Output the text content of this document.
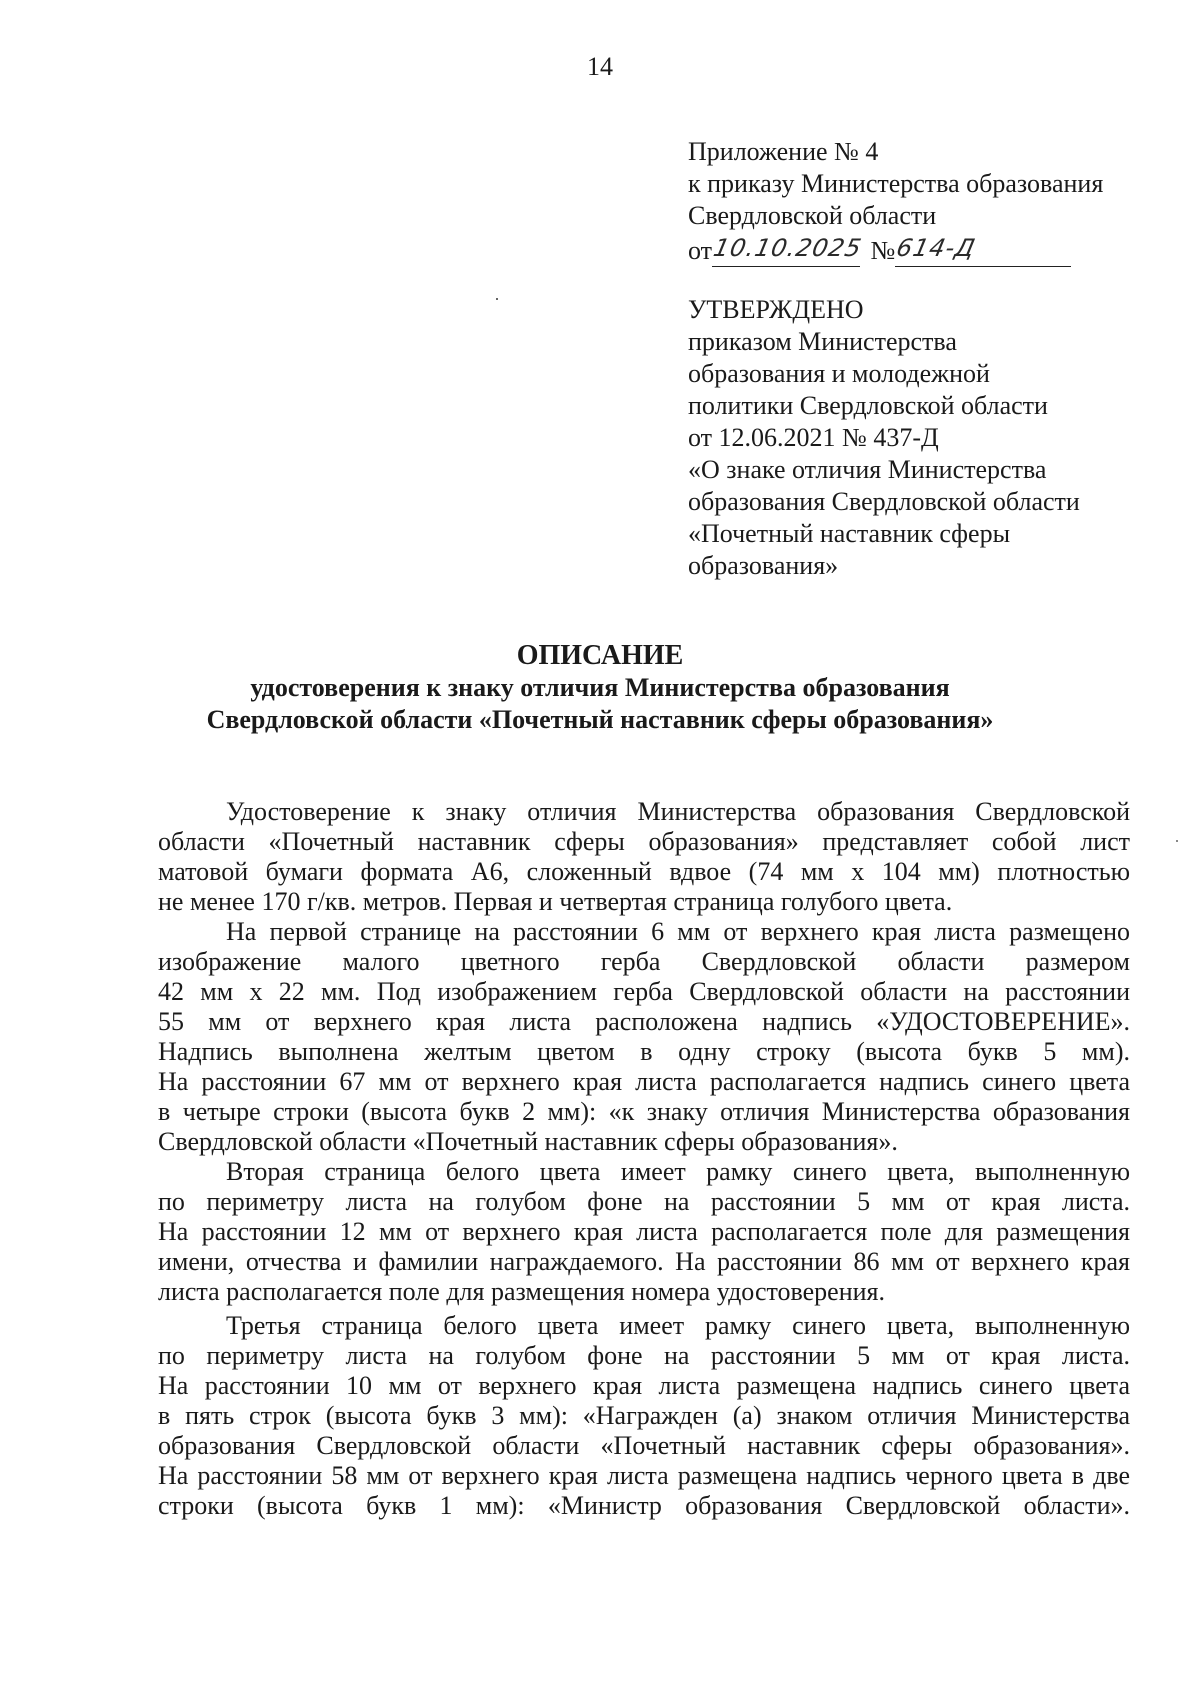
14
Приложение № 4
к приказу Министерства образования
Свердловской области
от 10.10.2025 № 614-Д
УТВЕРЖДЕНО
приказом Министерства
образования и молодежной
политики Свердловской области
от 12.06.2021 № 437-Д
«О знаке отличия Министерства
образования Свердловской области
«Почетный наставник сферы
образования»
ОПИСАНИЕ
удостоверения к знаку отличия Министерства образования
Свердловской области «Почетный наставник сферы образования»
Удостоверение к знаку отличия Министерства образования Свердловской
области «Почетный наставник сферы образования» представляет собой лист
матовой бумаги формата А6, сложенный вдвое (74 мм х 104 мм) плотностью
не менее 170 г/кв. метров. Первая и четвертая страница голубого цвета.
На первой странице на расстоянии 6 мм от верхнего края листа размещено
изображение малого цветного герба Свердловской области размером
42 мм х 22 мм. Под изображением герба Свердловской области на расстоянии
55 мм от верхнего края листа расположена надпись «УДОСТОВЕРЕНИЕ».
Надпись выполнена желтым цветом в одну строку (высота букв 5 мм).
На расстоянии 67 мм от верхнего края листа располагается надпись синего цвета
в четыре строки (высота букв 2 мм): «к знаку отличия Министерства образования
Свердловской области «Почетный наставник сферы образования».
Вторая страница белого цвета имеет рамку синего цвета, выполненную
по периметру листа на голубом фоне на расстоянии 5 мм от края листа.
На расстоянии 12 мм от верхнего края листа располагается поле для размещения
имени, отчества и фамилии награждаемого. На расстоянии 86 мм от верхнего края
листа располагается поле для размещения номера удостоверения.
Третья страница белого цвета имеет рамку синего цвета, выполненную
по периметру листа на голубом фоне на расстоянии 5 мм от края листа.
На расстоянии 10 мм от верхнего края листа размещена надпись синего цвета
в пять строк (высота букв 3 мм): «Награжден (а) знаком отличия Министерства
образования Свердловской области «Почетный наставник сферы образования».
На расстоянии 58 мм от верхнего края листа размещена надпись черного цвета в две
строки (высота букв 1 мм): «Министр образования Свердловской области».
